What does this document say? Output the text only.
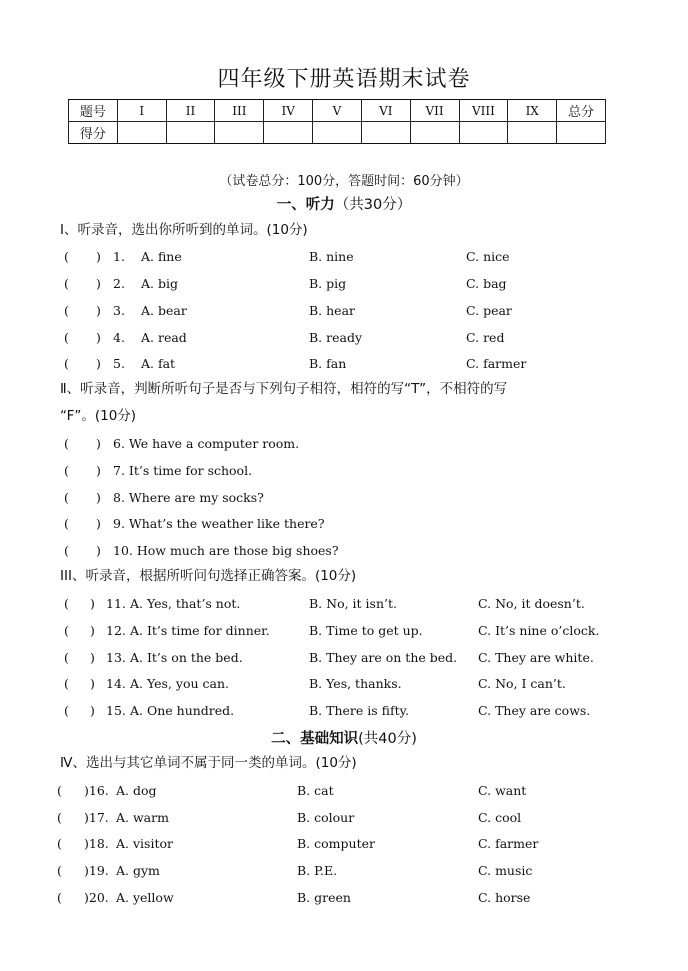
四年级下册英语期末试卷
题号	I	II	III	IV	V	VI	VII	VIII	IX	总分
得分										
（试卷总分：100分，答题时间：60分钟）
一、听力（共30分）
Ⅰ、听录音，选出你所听到的单词。(10分)
( ) 1. A. fine	B. nine	C. nice
( ) 2. A. big	B. pig	C. bag
( ) 3. A. bear	B. hear	C. pear
( ) 4. A. read	B. ready	C. red
( ) 5. A. fat	B. fan	C. farmer
Ⅱ、听录音，判断所听句子是否与下列句子相符，相符的写“T”，不相符的写
“F”。(10分)
( ) 6. We have a computer room.
( ) 7. It’s time for school.
( ) 8. Where are my socks?
( ) 9. What’s the weather like there?
( ) 10. How much are those big shoes?
III、听录音，根据所听问句选择正确答案。(10分)
( ) 11. A. Yes, that’s not.	B. No, it isn’t.	C. No, it doesn’t.
( ) 12. A. It’s time for dinner.	B. Time to get up.	C. It’s nine o’clock.
( ) 13. A. It’s on the bed.	B. They are on the bed. C. They are white.
( ) 14. A. Yes, you can.	B. Yes, thanks.	C. No, I can’t.
( ) 15. A. One hundred.	B. There is fifty.	C. They are cows.
二、基础知识(共40分)
Ⅳ、选出与其它单词不属于同一类的单词。(10分)
( )16. A. dog	B. cat	C. want
( )17. A. warm	B. colour	C. cool
( )18. A. visitor	B. computer	C. farmer
( )19. A. gym	B. P.E.	C. music
( )20. A. yellow	B. green	C. horse
